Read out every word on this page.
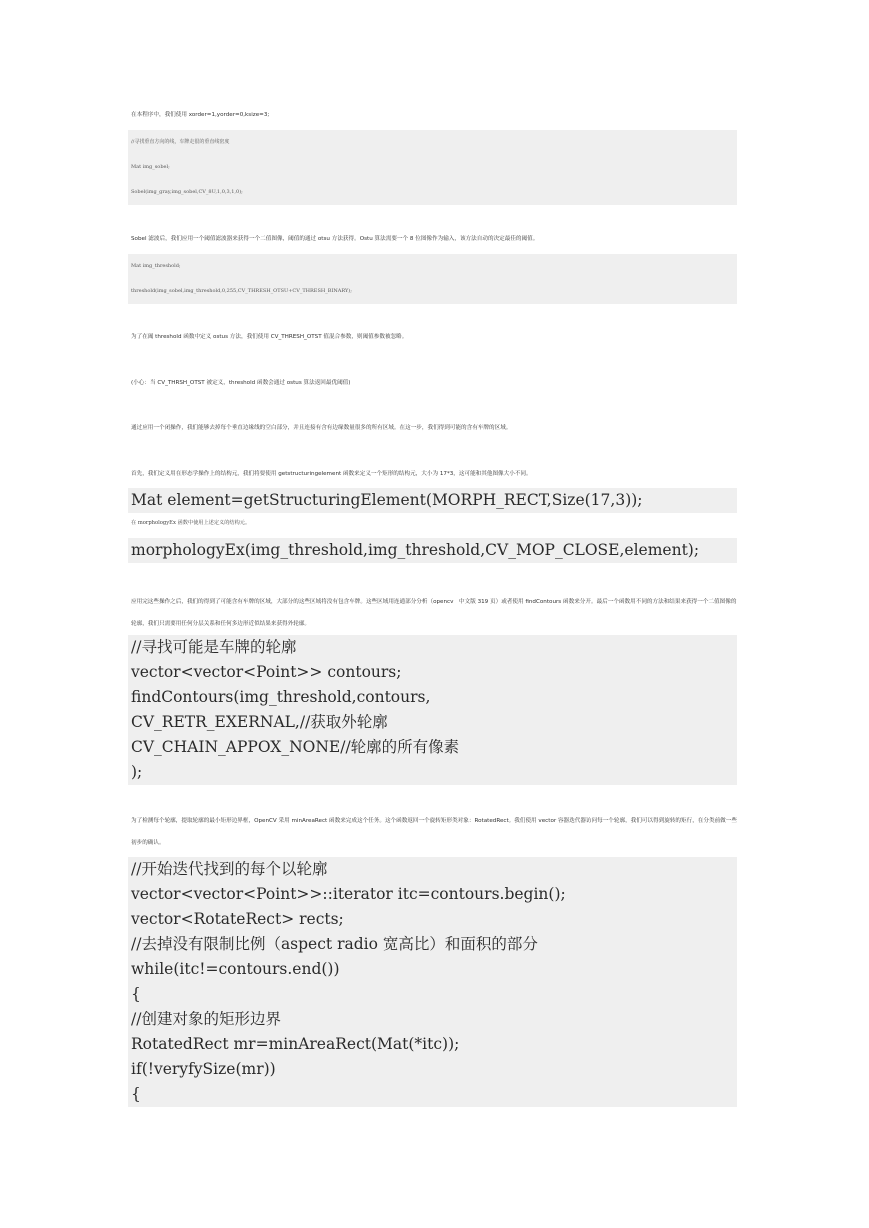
在本程序中，我们使用 xorder=1,yorder=0,ksize=3;
//寻找垂直方向的线，车牌走很的垂直线密度
Mat img_sobel;
Sobel(img_gray,img_sobel,CV_8U,1,0,3,1,0);
Sobel 滤波后，我们应用一个阈值滤波器来获得一个二值图像，阈值的通过 otsu 方法获得。Ostu 算法需要一个 8 位图像作为输入，该方法自动的决定最佳的阈值。
Mat img_threshold;
threshold(img_sobel,img_threshold,0,255,CV_THRESH_OTSU+CV_THRESH_BINARY);
为了在阈 threshold 函数中定义 ostus 方法，我们使用 CV_THRESH_OTST 值混合参数，则阈值参数被忽略。
(小心：当 CV_THRSH_OTST 被定义，threshold 函数会通过 ostus 算法返回最优阈值)
通过应用一个闭操作，我们能够去掉每个垂直边缘线的空白部分，并且连接有含有边缘数量很多的所有区域。在这一步，我们得到可能的含有车牌的区域。
首先，我们定义用在形态学操作上的结构元，我们将要使用 getstructuringelement 函数来定义一个矩形的结构元，大小为 17*3，这可能和其他图像大小不同。
Mat element=getStructuringElement(MORPH_RECT,Size(17,3));
在 morphologyEx 函数中使用上述定义的结构元。
morphologyEx(img_threshold,img_threshold,CV_MOP_CLOSE,element);
应用完这些操作之后，我们的得到了可能含有车牌的区域，大部分的这些区域将没有包含车牌。这些区域用连通部分分析（opencv　中文版 319 页）或者使用 findContours 函数来分开。最后一个函数用不同的方法和结果来获得一个二值图像的轮廓，我们只需要用任何分层关系和任何多边形近似结果来获得外轮廓。
//寻找可能是车牌的轮廓
vector<vector<Point>> contours;
findContours(img_threshold,contours,
CV_RETR_EXERNAL,//获取外轮廓
CV_CHAIN_APPOX_NONE//轮廓的所有像素
);
为了检测每个轮廓，提取轮廓的最小矩形边界框，OpenCV 采用 minAreaRect 函数来完成这个任务。这个函数返回一个旋转矩形类对象：RotatedRect。我们使用 vector 容器迭代器访问每一个轮廓，我们可以得到旋转的矩行，在分类前做一些初步的确认。
//开始迭代找到的每个以轮廓
vector<vector<Point>>::iterator itc=contours.begin();
vector<RotateRect> rects;
//去掉没有限制比例（aspect radio 宽高比）和面积的部分
while(itc!=contours.end())
{
//创建对象的矩形边界
RotatedRect mr=minAreaRect(Mat(*itc));
if(!veryfySize(mr))
{
